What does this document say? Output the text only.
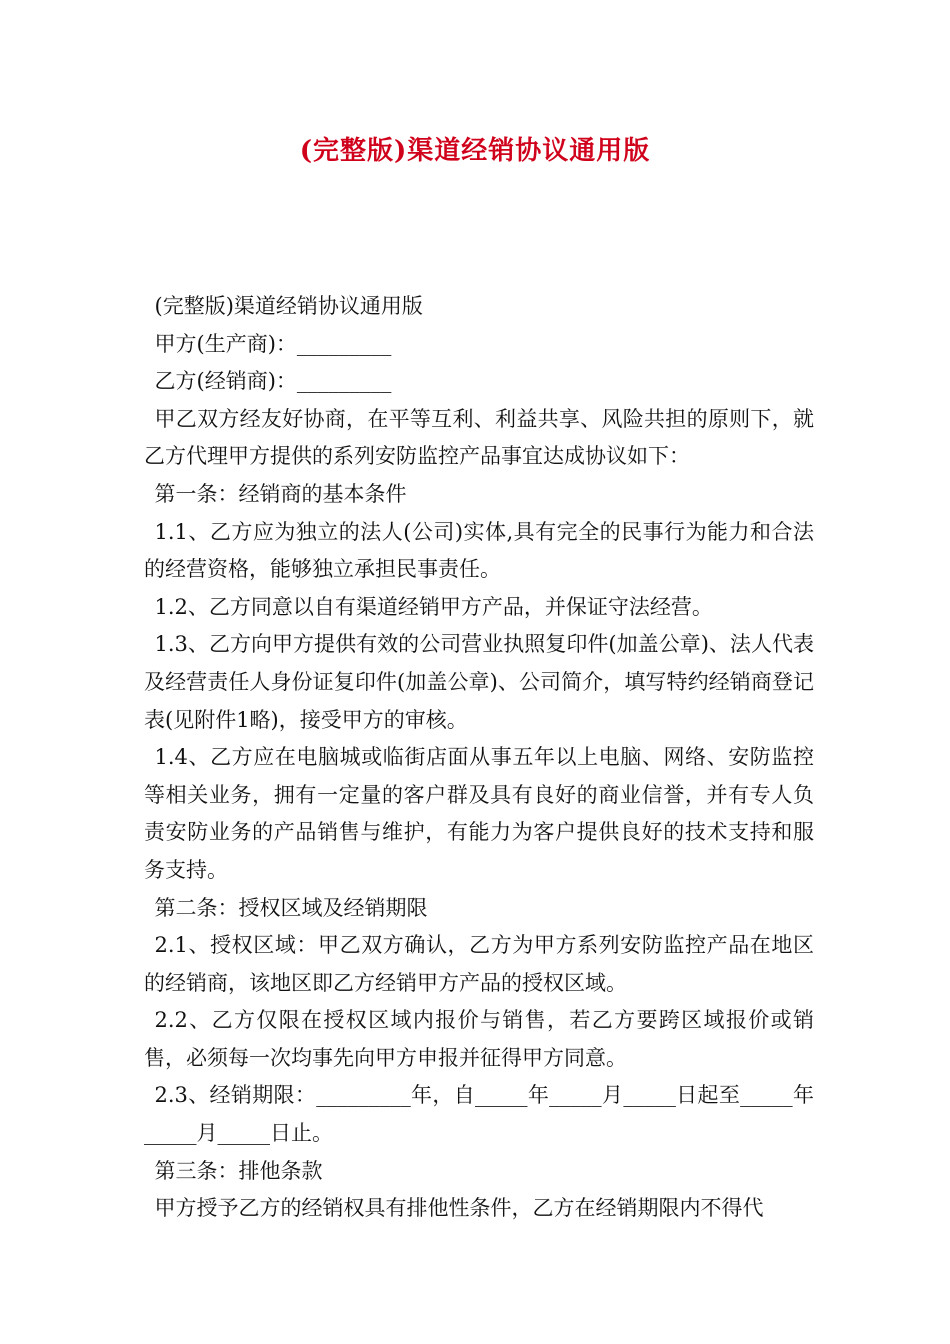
(完整版)渠道经销协议通用版

(完整版)渠道经销协议通用版

甲方(生产商)：_________

乙方(经销商)：_________

甲乙双方经友好协商，在平等互利、利益共享、风险共担的原则下，就乙方代理甲方提供的系列安防监控产品事宜达成协议如下：

第一条：经销商的基本条件

1.1、乙方应为独立的法人(公司)实体,具有完全的民事行为能力和合法的经营资格，能够独立承担民事责任。

1.2、乙方同意以自有渠道经销甲方产品，并保证守法经营。

1.3、乙方向甲方提供有效的公司营业执照复印件(加盖公章)、法人代表及经营责任人身份证复印件(加盖公章)、公司简介，填写特约经销商登记表(见附件1略)，接受甲方的审核。

1.4、乙方应在电脑城或临街店面从事五年以上电脑、网络、安防监控等相关业务，拥有一定量的客户群及具有良好的商业信誉，并有专人负责安防业务的产品销售与维护，有能力为客户提供良好的技术支持和服务支持。

第二条：授权区域及经销期限

2.1、授权区域：甲乙双方确认，乙方为甲方系列安防监控产品在地区的经销商，该地区即乙方经销甲方产品的授权区域。

2.2、乙方仅限在授权区域内报价与销售，若乙方要跨区域报价或销售，必须每一次均事先向甲方申报并征得甲方同意。

2.3、经销期限：_________年，自_____年_____月_____日起至_____年_____月_____日止。

第三条：排他条款

甲方授予乙方的经销权具有排他性条件，乙方在经销期限内不得代
